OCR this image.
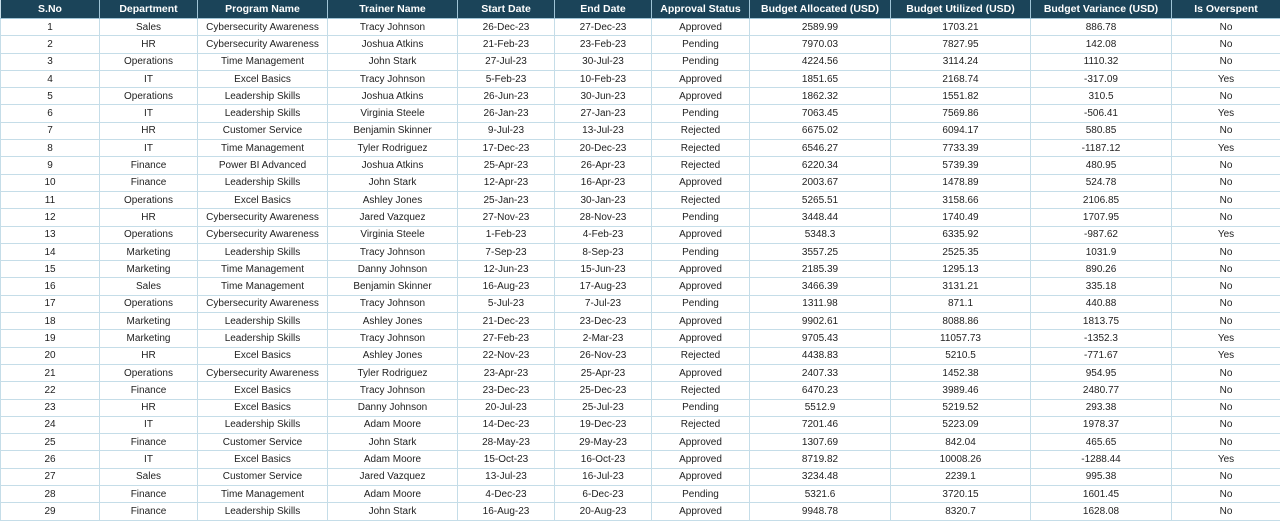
S.No	Department	Program Name	Trainer Name	Start Date	End Date	Approval Status	Budget Allocated (USD)	Budget Utilized (USD)	Budget Variance (USD)	Is Overspent
1	Sales	Cybersecurity Awareness	Tracy Johnson	26-Dec-23	27-Dec-23	Approved	2589.99	1703.21	886.78	No
2	HR	Cybersecurity Awareness	Joshua Atkins	21-Feb-23	23-Feb-23	Pending	7970.03	7827.95	142.08	No
3	Operations	Time Management	John Stark	27-Jul-23	30-Jul-23	Pending	4224.56	3114.24	1110.32	No
4	IT	Excel Basics	Tracy Johnson	5-Feb-23	10-Feb-23	Approved	1851.65	2168.74	-317.09	Yes
5	Operations	Leadership Skills	Joshua Atkins	26-Jun-23	30-Jun-23	Approved	1862.32	1551.82	310.5	No
6	IT	Leadership Skills	Virginia Steele	26-Jan-23	27-Jan-23	Pending	7063.45	7569.86	-506.41	Yes
7	HR	Customer Service	Benjamin Skinner	9-Jul-23	13-Jul-23	Rejected	6675.02	6094.17	580.85	No
8	IT	Time Management	Tyler Rodriguez	17-Dec-23	20-Dec-23	Rejected	6546.27	7733.39	-1187.12	Yes
9	Finance	Power BI Advanced	Joshua Atkins	25-Apr-23	26-Apr-23	Rejected	6220.34	5739.39	480.95	No
10	Finance	Leadership Skills	John Stark	12-Apr-23	16-Apr-23	Approved	2003.67	1478.89	524.78	No
11	Operations	Excel Basics	Ashley Jones	25-Jan-23	30-Jan-23	Rejected	5265.51	3158.66	2106.85	No
12	HR	Cybersecurity Awareness	Jared Vazquez	27-Nov-23	28-Nov-23	Pending	3448.44	1740.49	1707.95	No
13	Operations	Cybersecurity Awareness	Virginia Steele	1-Feb-23	4-Feb-23	Approved	5348.3	6335.92	-987.62	Yes
14	Marketing	Leadership Skills	Tracy Johnson	7-Sep-23	8-Sep-23	Pending	3557.25	2525.35	1031.9	No
15	Marketing	Time Management	Danny Johnson	12-Jun-23	15-Jun-23	Approved	2185.39	1295.13	890.26	No
16	Sales	Time Management	Benjamin Skinner	16-Aug-23	17-Aug-23	Approved	3466.39	3131.21	335.18	No
17	Operations	Cybersecurity Awareness	Tracy Johnson	5-Jul-23	7-Jul-23	Pending	1311.98	871.1	440.88	No
18	Marketing	Leadership Skills	Ashley Jones	21-Dec-23	23-Dec-23	Approved	9902.61	8088.86	1813.75	No
19	Marketing	Leadership Skills	Tracy Johnson	27-Feb-23	2-Mar-23	Approved	9705.43	11057.73	-1352.3	Yes
20	HR	Excel Basics	Ashley Jones	22-Nov-23	26-Nov-23	Rejected	4438.83	5210.5	-771.67	Yes
21	Operations	Cybersecurity Awareness	Tyler Rodriguez	23-Apr-23	25-Apr-23	Approved	2407.33	1452.38	954.95	No
22	Finance	Excel Basics	Tracy Johnson	23-Dec-23	25-Dec-23	Rejected	6470.23	3989.46	2480.77	No
23	HR	Excel Basics	Danny Johnson	20-Jul-23	25-Jul-23	Pending	5512.9	5219.52	293.38	No
24	IT	Leadership Skills	Adam Moore	14-Dec-23	19-Dec-23	Rejected	7201.46	5223.09	1978.37	No
25	Finance	Customer Service	John Stark	28-May-23	29-May-23	Approved	1307.69	842.04	465.65	No
26	IT	Excel Basics	Adam Moore	15-Oct-23	16-Oct-23	Approved	8719.82	10008.26	-1288.44	Yes
27	Sales	Customer Service	Jared Vazquez	13-Jul-23	16-Jul-23	Approved	3234.48	2239.1	995.38	No
28	Finance	Time Management	Adam Moore	4-Dec-23	6-Dec-23	Pending	5321.6	3720.15	1601.45	No
29	Finance	Leadership Skills	John Stark	16-Aug-23	20-Aug-23	Approved	9948.78	8320.7	1628.08	No
